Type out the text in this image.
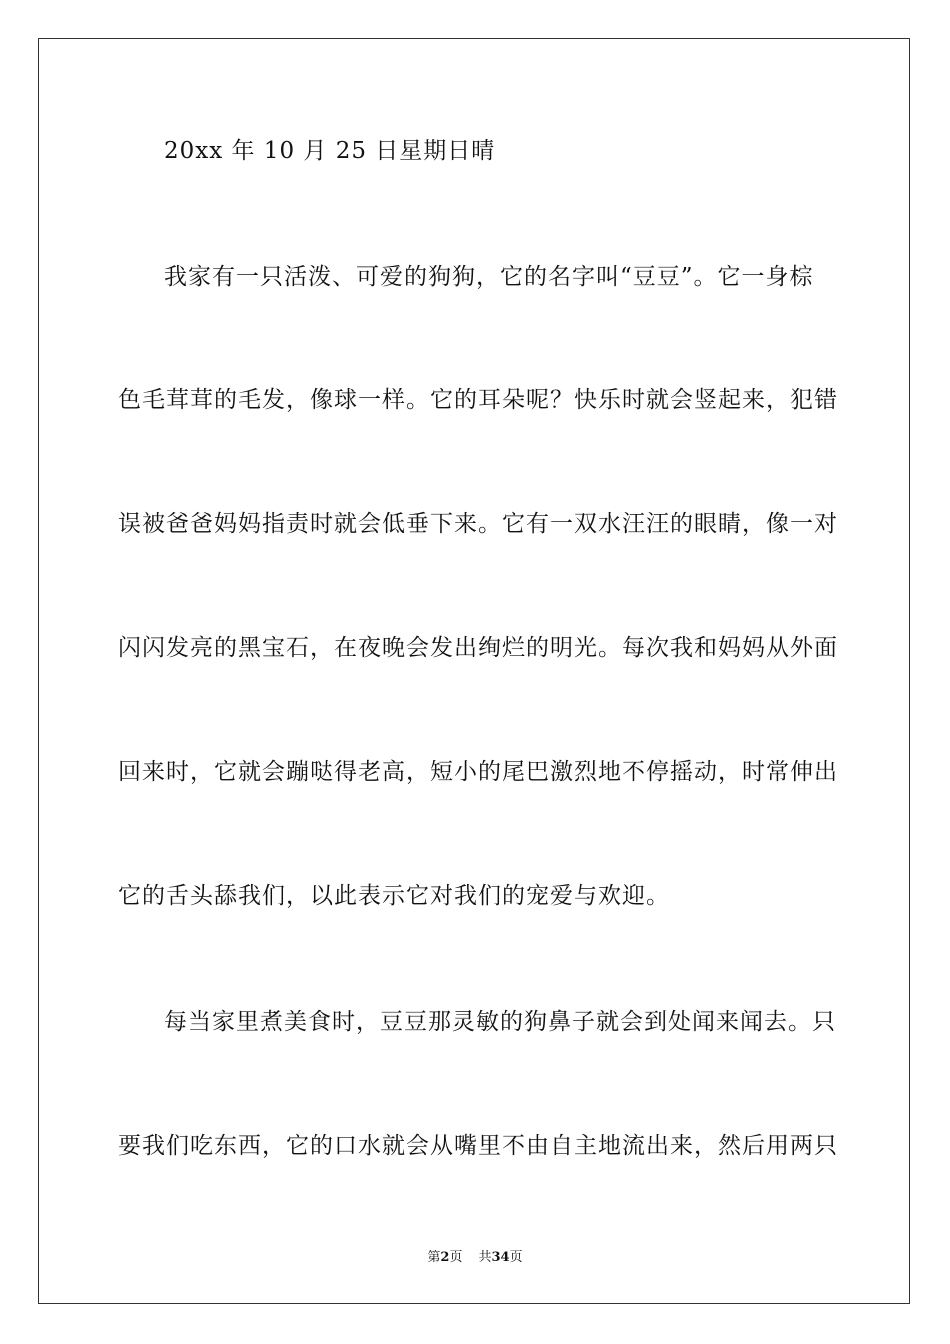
20xx 年 10 月 25 日星期日晴
我家有一只活泼、可爱的狗狗，它的名字叫“豆豆”。它一身棕
色毛茸茸的毛发，像球一样。它的耳朵呢？快乐时就会竖起来，犯错
误被爸爸妈妈指责时就会低垂下来。它有一双水汪汪的眼睛，像一对
闪闪发亮的黑宝石，在夜晚会发出绚烂的明光。每次我和妈妈从外面
回来时，它就会蹦哒得老高，短小的尾巴激烈地不停摇动，时常伸出
它的舌头舔我们，以此表示它对我们的宠爱与欢迎。
每当家里煮美食时，豆豆那灵敏的狗鼻子就会到处闻来闻去。只
要我们吃东西，它的口水就会从嘴里不由自主地流出来，然后用两只
第2页 共34页
